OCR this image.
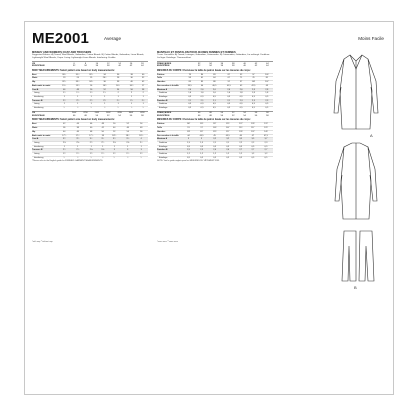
ME2001	Average	Moins Facile
MISSES' AND WOMEN'S COAT AND TROUSERS
Suggested Fabrics: A) Tweed, Wool Blends, Gabardine, Cotton Blends. B) Cotton Blends, Gabardine, Linen Blends, Lightweight Wool Blends, Crepe. Lining: Lightweight Linen Blends. Interfacing: Fusible.
US	6	8	10	12	14	16	18
EUROPEAN	32	34	36	38	40	42	44
BODY MEASUREMENTS: Select pattern size based on body measurements:
Bust	30½	31½	32½	34	36	38	40
Waist	23	24	25	26½	28	30	32
Hip	32½	33½	34½	36	38	40	42
Back waist to waist	15½	15¾	16	16¼	16½	16¾	17
Coat A	46	48	50	52	54	56	58
Lining	1¾	1¾	1¾	1¾	2	2	2
Interfacing	1	1	1	1	1	1	1
Trousers B	2¼	2¼	2¼	2¼	2½	2½	2½
Lining	1	1	1	1	1	1	1
Interfacing	½	½	½	½	½	½	½
US	20W	22W	24W	26W	28W	30W	32W
EUROPEAN	46	48	50	52	54	56	58
BODY MEASUREMENTS: Select pattern size based on body measurements:
Bust	42	44	46	48	50	52	54
Waist	36	38	40	42	44	46	48
Hip	44	46	48	50	52	54	56
Back waist to waist	17¼	17½	17¾	18	18¼	18½	18¾
Coat A	3¼	3¼	3½	3½	3¾	3¾	4
Lining	2⅛	2⅛	2¼	2¼	2⅜	2⅜	2½
Interfacing	1	1	1	1	1	1	1
Trousers B	2¾	2¾	2⅞	2⅞	3	3	3
Lining	1¼	1¼	1¼	1¼	1¼	1¼	1¼
Interfacing	½	½	½	½	½	½	½
*Please refer to the English guide for FINISHED GARMENT MEASUREMENTS.
MANTEAU ET PANTALON POUR JEUNES FEMMES ET FEMMES
Tissus Conseillés: A) Tweed, Lainages, Gabardine, Cotonnades. B) Cotonnades, Gabardine, Lin mélangé. Doublure: Lin léger. Entoilage: Thermocollant.
FRANÇAISES	32	34	36	38	40	42	44
EUROPÉEN	32	34	36	38	40	42	44
MESURES DU CORPS: Choisissez la taille du patron basée sur les mesures du corps:
Poitrine	78	80	83	87	92	97	102
Taille	58	61	64	67	71	76	81
Hanches	83	85	88	92	97	102	107
Dos encolure à la taille	39,5	40	40,5	41,5	42	42,5	43
Manteau A	2,6	2,6	2,6	2,6	2,6	2,8	2,8
Doublure	1,6	1,6	1,6	1,6	1,8	1,8	1,8
Entoilage	0,9	0,9	0,9	0,9	0,9	0,9	0,9
Pantalon B	2,1	2,1	2,1	2,1	2,3	2,3	2,3
Doublure	0,9	0,9	0,9	0,9	0,9	0,9	0,9
Entoilage	0,5	0,5	0,5	0,5	0,5	0,5	0,5
FRANÇAISES	46	48	50	52	54	56	58
EUROPÉEN	46	48	50	52	54	56	58
MESURES DU CORPS: Choisissez la taille du patron basée sur les mesures du corps:
Poitrine	107	112	117	122	127	132	137
Taille	91	97	102	107	112	117	122
Hanches	112	117	122	127	132	137	142
Dos encolure à la taille	44	44,5	45	45,5	46	47	47,5
Manteau A	3	3	3,2	3,2	3,5	3,5	3,7
Doublure	1,9	1,9	2,1	2,1	2,2	2,2	2,3
Entoilage	0,9	0,9	0,9	0,9	0,9	0,9	0,9
Pantalon B	2,5	2,5	2,6	2,6	2,7	2,7	2,7
Doublure	1,2	1,2	1,2	1,2	1,2	1,2	1,2
Entoilage	0,5	0,5	0,5	0,5	0,5	0,5	0,5
NOTE: Voir le guide anglais pour les MESURES DU VÊTEMENT FINI.
*with nap **without nap	*avec sens **sans sens
A
B
